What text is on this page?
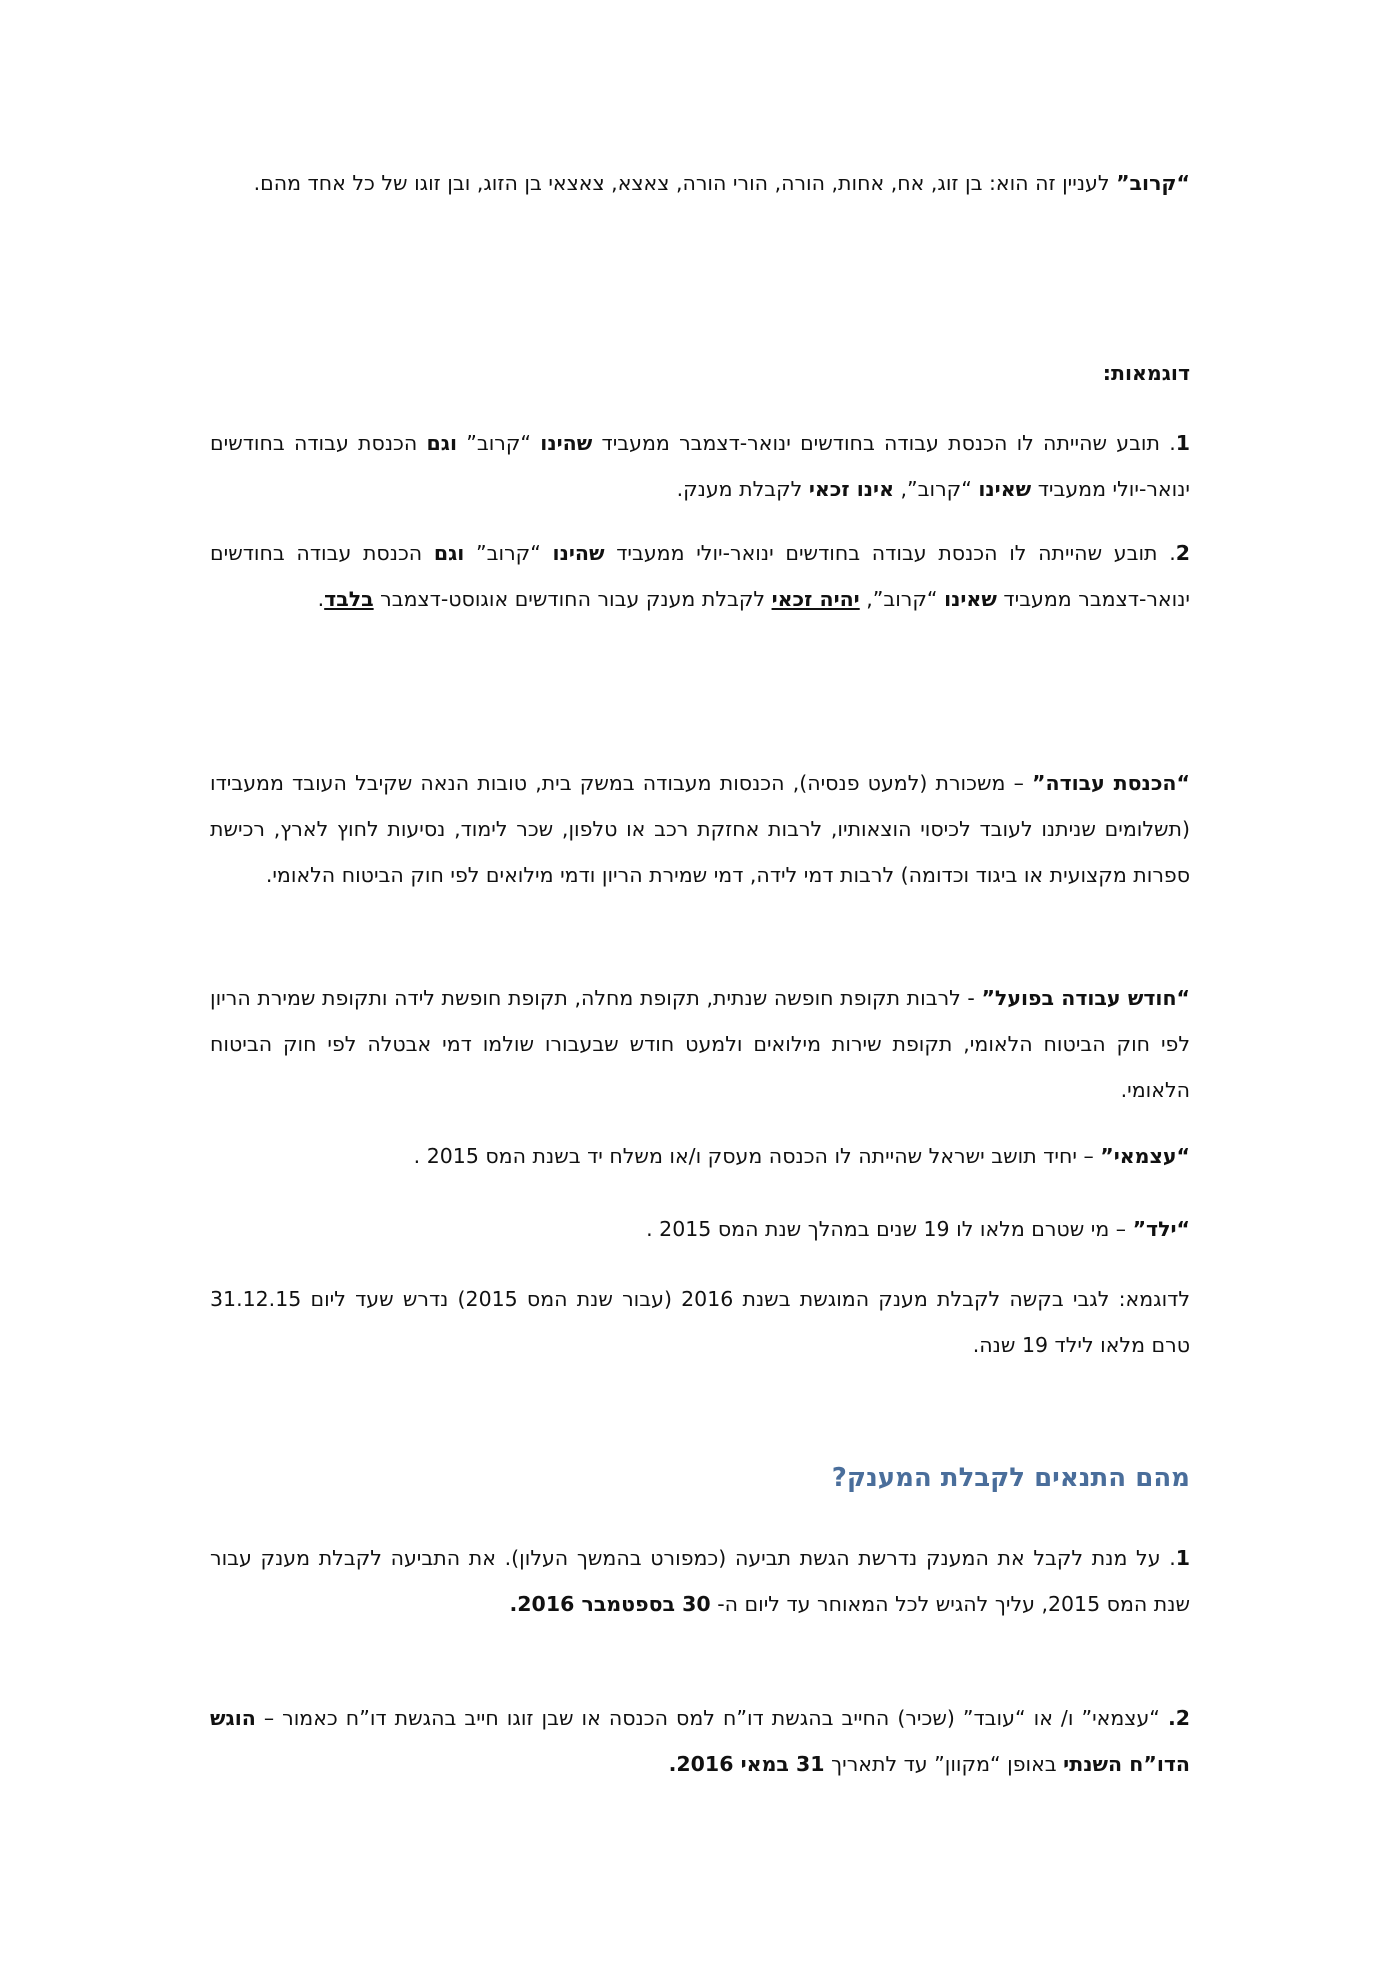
“קרוב” לעניין זה הוא: בן זוג, אח, אחות, הורה, הורי הורה, צאצא, צאצאי בן הזוג, ובן זוגו של כל אחד מהם.

דוגמאות:

1. תובע שהייתה לו הכנסת עבודה בחודשים ינואר-דצמבר ממעביד שהינו “קרוב” וגם הכנסת עבודה בחודשים ינואר-יולי ממעביד שאינו “קרוב”, אינו זכאי לקבלת מענק.

2. תובע שהייתה לו הכנסת עבודה בחודשים ינואר-יולי ממעביד שהינו “קרוב” וגם הכנסת עבודה בחודשים ינואר-דצמבר ממעביד שאינו “קרוב”, יהיה זכאי לקבלת מענק עבור החודשים אוגוסט-דצמבר בלבד.

“הכנסת עבודה” – משכורת (למעט פנסיה), הכנסות מעבודה במשק בית, טובות הנאה שקיבל העובד ממעבידו (תשלומים שניתנו לעובד לכיסוי הוצאותיו, לרבות אחזקת רכב או טלפון, שכר לימוד, נסיעות לחוץ לארץ, רכישת ספרות מקצועית או ביגוד וכדומה) לרבות דמי לידה, דמי שמירת הריון ודמי מילואים לפי חוק הביטוח הלאומי.

“חודש עבודה בפועל” - לרבות תקופת חופשה שנתית, תקופת מחלה, תקופת חופשת לידה ותקופת שמירת הריון לפי חוק הביטוח הלאומי, תקופת שירות מילואים ולמעט חודש שבעבורו שולמו דמי אבטלה לפי חוק הביטוח הלאומי.

“עצמאי” – יחיד תושב ישראל שהייתה לו הכנסה מעסק ו/או משלח יד בשנת המס 2015 .

“ילד” – מי שטרם מלאו לו 19 שנים במהלך שנת המס 2015 .

לדוגמא: לגבי בקשה לקבלת מענק המוגשת בשנת 2016 (עבור שנת המס 2015) נדרש שעד ליום 31.12.15 טרם מלאו לילד 19 שנה.

מהם התנאים לקבלת המענק?

1. על מנת לקבל את המענק נדרשת הגשת תביעה (כמפורט בהמשך העלון). את התביעה לקבלת מענק עבור שנת המס 2015, עליך להגיש לכל המאוחר עד ליום ה- 30 בספטמבר 2016.

2. “עצמאי” ו/ או “עובד” (שכיר) החייב בהגשת דו”ח למס הכנסה או שבן זוגו חייב בהגשת דו”ח כאמור – הוגש הדו”ח השנתי באופן “מקוון” עד לתאריך 31 במאי 2016.
